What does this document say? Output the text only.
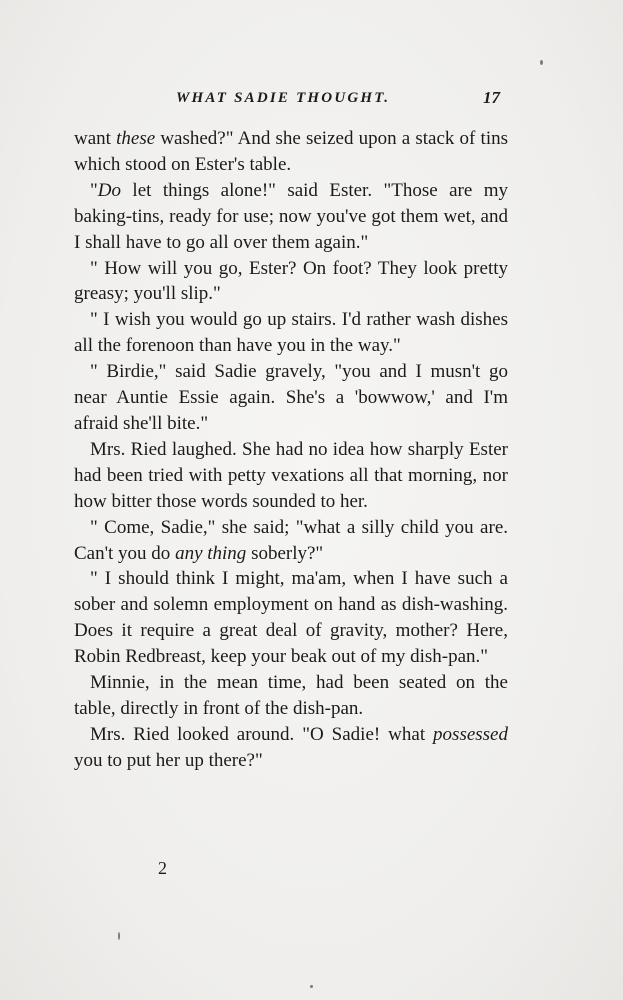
WHAT SADIE THOUGHT.	17

want these washed?" And she seized upon a stack of tins which stood on Ester's table.

"Do let things alone!" said Ester. "Those are my baking-tins, ready for use; now you've got them wet, and I shall have to go all over them again."

" How will you go, Ester? On foot? They look pretty greasy; you'll slip."

" I wish you would go up stairs. I'd rather wash dishes all the forenoon than have you in the way."

" Birdie," said Sadie gravely, "you and I musn't go near Auntie Essie again. She's a 'bowwow,' and I'm afraid she'll bite."

Mrs. Ried laughed. She had no idea how sharply Ester had been tried with petty vexations all that morning, nor how bitter those words sounded to her.

" Come, Sadie," she said; "what a silly child you are. Can't you do any thing soberly?"

" I should think I might, ma'am, when I have such a sober and solemn employment on hand as dish-washing. Does it require a great deal of gravity, mother? Here, Robin Redbreast, keep your beak out of my dish-pan."

Minnie, in the mean time, had been seated on the table, directly in front of the dish-pan.

Mrs. Ried looked around. "O Sadie! what possessed you to put her up there?"

2
